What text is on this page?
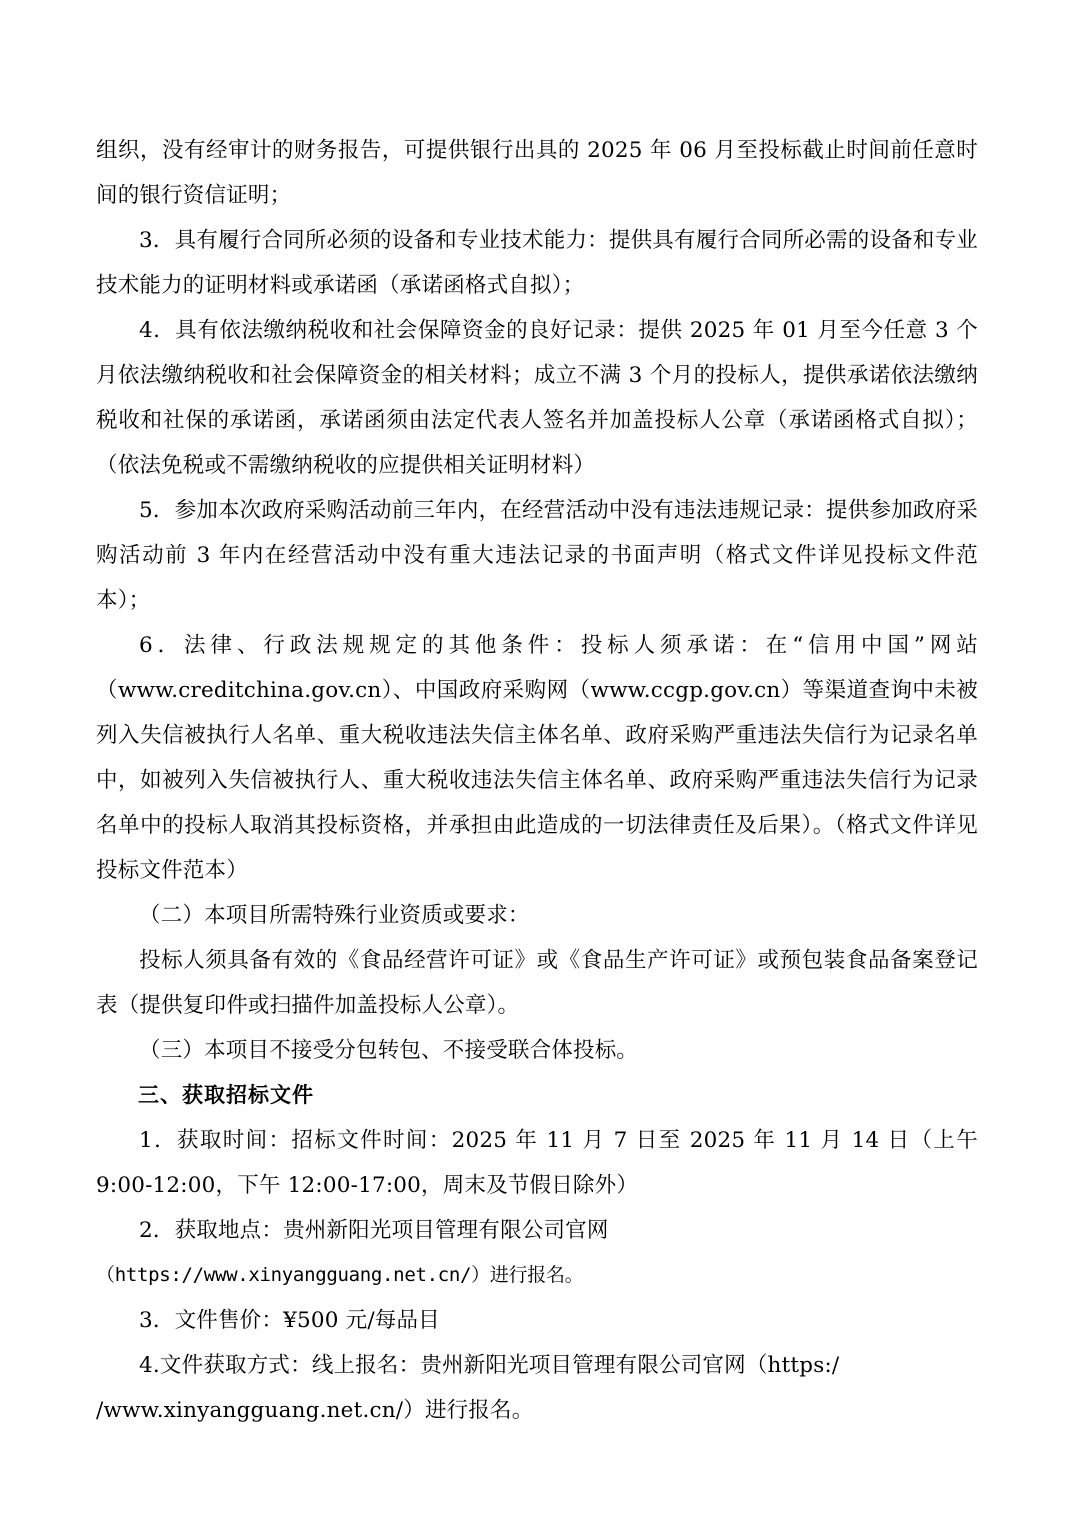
组织，没有经审计的财务报告，可提供银行出具的 2025 年 06 月至投标截止时间前任意时间的银行资信证明；

3．具有履行合同所必须的设备和专业技术能力：提供具有履行合同所必需的设备和专业技术能力的证明材料或承诺函（承诺函格式自拟）；

4．具有依法缴纳税收和社会保障资金的良好记录：提供 2025 年 01 月至今任意 3 个月依法缴纳税收和社会保障资金的相关材料；成立不满 3 个月的投标人，提供承诺依法缴纳税收和社保的承诺函，承诺函须由法定代表人签名并加盖投标人公章（承诺函格式自拟）；（依法免税或不需缴纳税收的应提供相关证明材料）

5．参加本次政府采购活动前三年内，在经营活动中没有违法违规记录：提供参加政府采购活动前 3 年内在经营活动中没有重大违法记录的书面声明（格式文件详见投标文件范本）；

6．法律、行政法规规定的其他条件：投标人须承诺：在“信用中国”网站（www.creditchina.gov.cn）、中国政府采购网（www.ccgp.gov.cn）等渠道查询中未被列入失信被执行人名单、重大税收违法失信主体名单、政府采购严重违法失信行为记录名单中，如被列入失信被执行人、重大税收违法失信主体名单、政府采购严重违法失信行为记录名单中的投标人取消其投标资格，并承担由此造成的一切法律责任及后果）。（格式文件详见投标文件范本）

（二）本项目所需特殊行业资质或要求：

投标人须具备有效的《食品经营许可证》或《食品生产许可证》或预包装食品备案登记表（提供复印件或扫描件加盖投标人公章）。

（三）本项目不接受分包转包、不接受联合体投标。

三、获取招标文件

1．获取时间：招标文件时间：2025 年 11 月 7 日至 2025 年 11 月 14 日（上午 9:00-12:00，下午 12:00-17:00，周末及节假日除外）

2．获取地点：贵州新阳光项目管理有限公司官网

（https://www.xinyangguang.net.cn/）进行报名。

3．文件售价：¥500 元/每品目

4.文件获取方式：线上报名：贵州新阳光项目管理有限公司官网（https:/

/www.xinyangguang.net.cn/）进行报名。
